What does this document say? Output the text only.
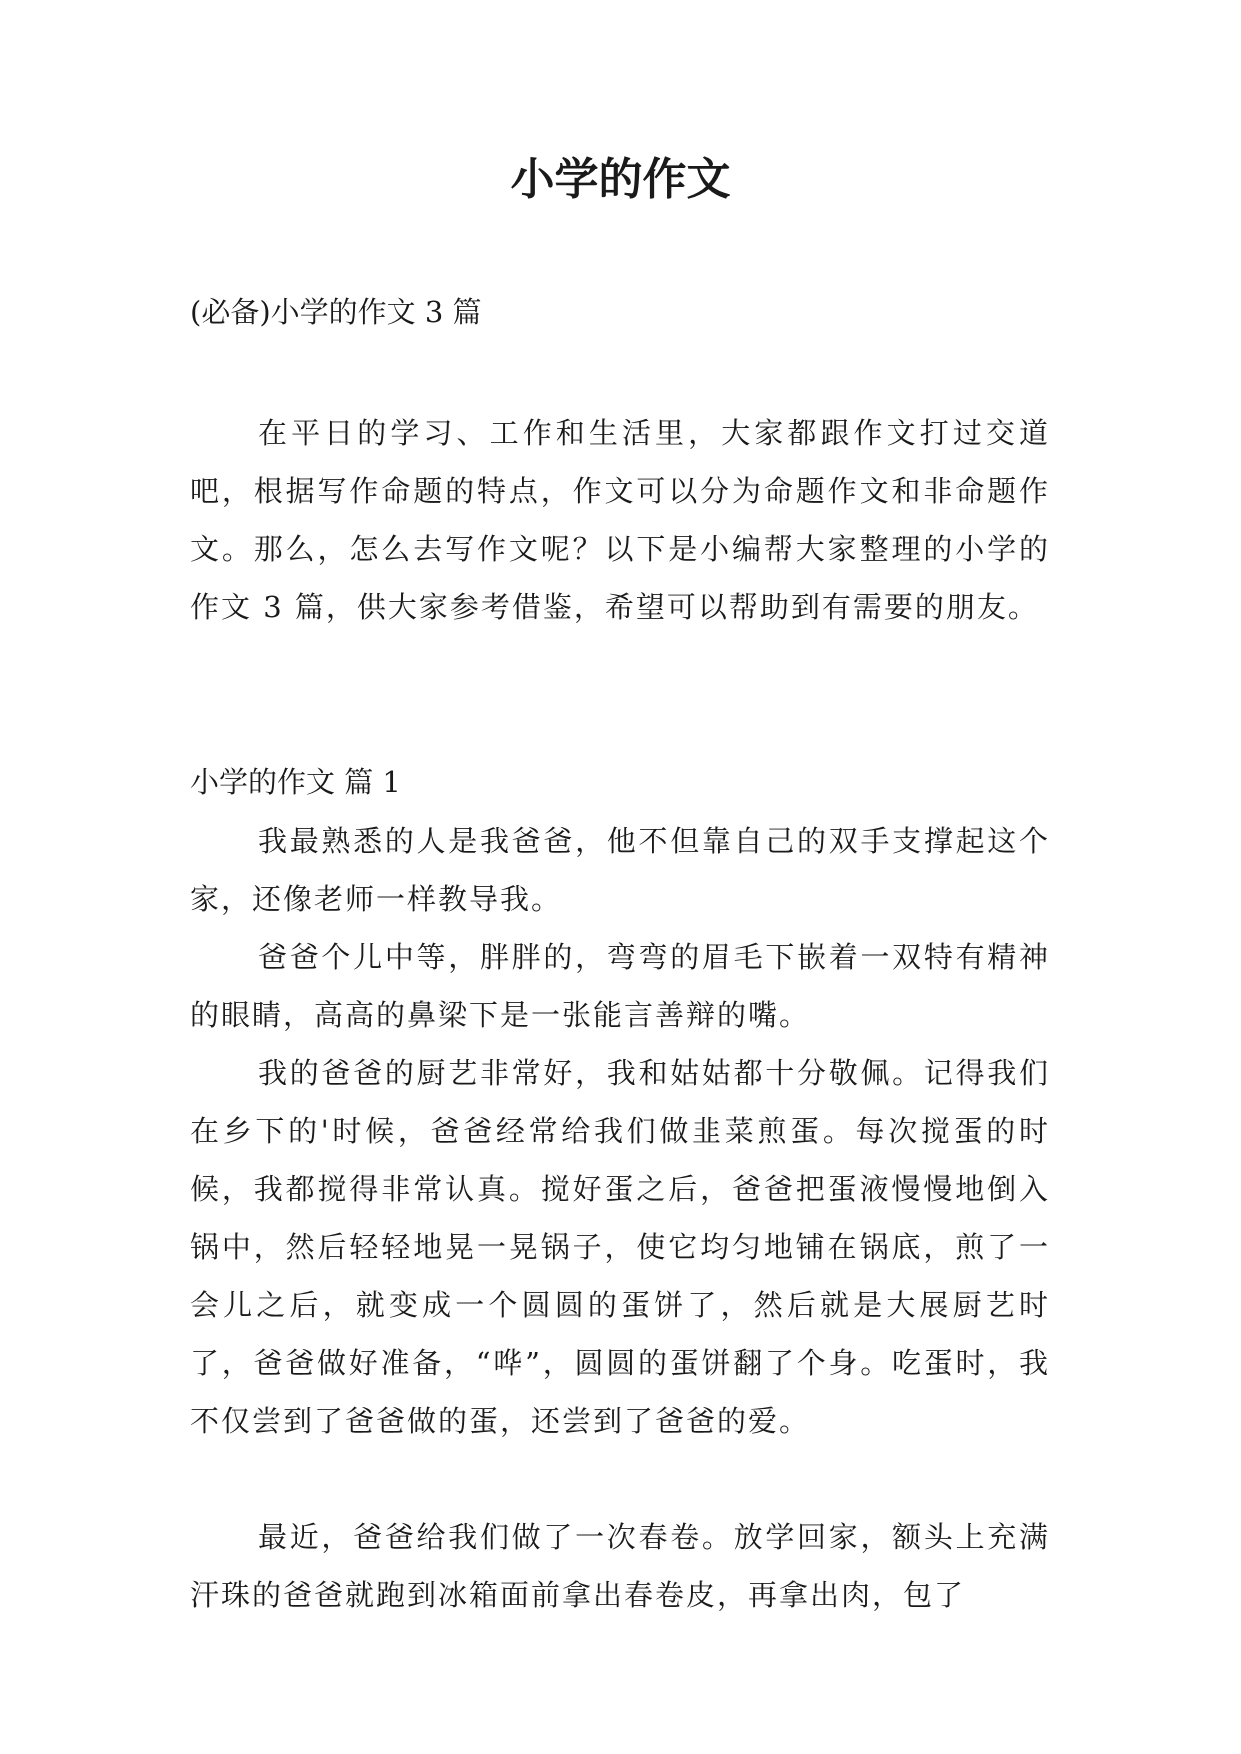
小学的作文

(必备)小学的作文 3 篇

在平日的学习、工作和生活里，大家都跟作文打过交道吧，根据写作命题的特点，作文可以分为命题作文和非命题作文。那么，怎么去写作文呢？以下是小编帮大家整理的小学的作文 3 篇，供大家参考借鉴，希望可以帮助到有需要的朋友。

小学的作文 篇 1

我最熟悉的人是我爸爸，他不但靠自己的双手支撑起这个家，还像老师一样教导我。

爸爸个儿中等，胖胖的，弯弯的眉毛下嵌着一双特有精神的眼睛，高高的鼻梁下是一张能言善辩的嘴。

我的爸爸的厨艺非常好，我和姑姑都十分敬佩。记得我们在乡下的'时候，爸爸经常给我们做韭菜煎蛋。每次搅蛋的时候，我都搅得非常认真。搅好蛋之后，爸爸把蛋液慢慢地倒入锅中，然后轻轻地晃一晃锅子，使它均匀地铺在锅底，煎了一会儿之后，就变成一个圆圆的蛋饼了，然后就是大展厨艺时了，爸爸做好准备，“哗”，圆圆的蛋饼翻了个身。吃蛋时，我不仅尝到了爸爸做的蛋，还尝到了爸爸的爱。

最近，爸爸给我们做了一次春卷。放学回家，额头上充满汗珠的爸爸就跑到冰箱面前拿出春卷皮，再拿出肉，包了
